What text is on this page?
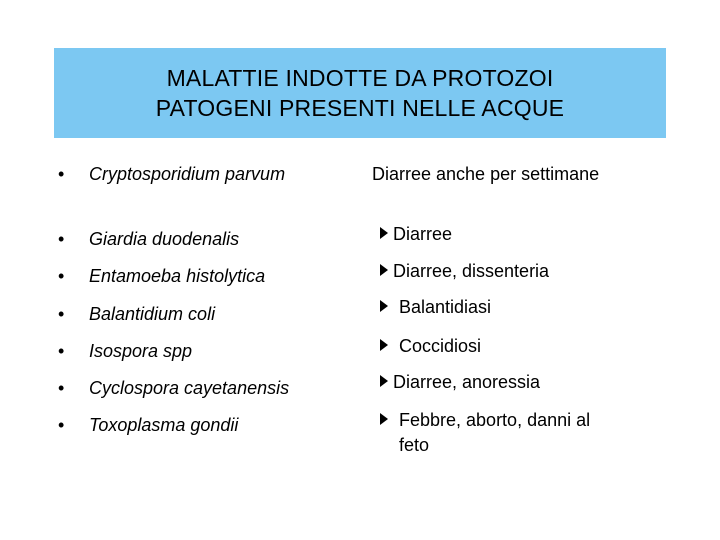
MALATTIE INDOTTE DA PROTOZOI
PATOGENI PRESENTI NELLE ACQUE
• Cryptosporidium parvum
• Giardia duodenalis
• Entamoeba histolytica
• Balantidium coli
• Isospora spp
• Cyclospora cayetanensis
• Toxoplasma gondii
Diarree anche per settimane
Diarree
Diarree, dissenteria
Balantidiasi
Coccidiosi
Diarree, anoressia
Febbre, aborto, danni al
feto
